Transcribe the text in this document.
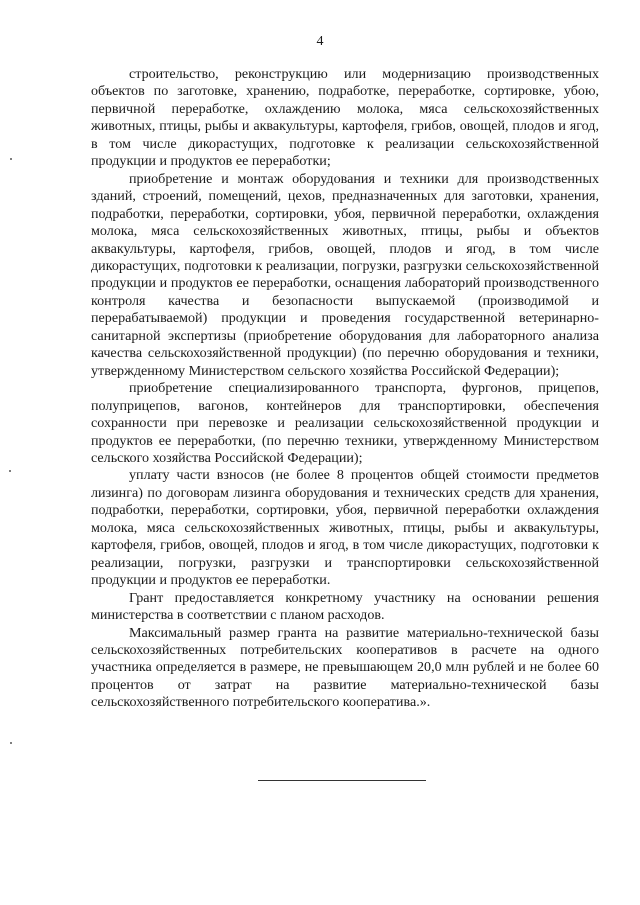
4

строительство, реконструкцию или модернизацию производственных объектов по заготовке, хранению, подработке, переработке, сортировке, убою, первичной переработке, охлаждению молока, мяса сельскохозяйственных животных, птицы, рыбы и аквакультуры, картофеля, грибов, овощей, плодов и ягод, в том числе дикорастущих, подготовке к реализации сельскохозяйственной продукции и продуктов ее переработки;

приобретение и монтаж оборудования и техники для производственных зданий, строений, помещений, цехов, предназначенных для заготовки, хранения, подработки, переработки, сортировки, убоя, первичной переработки, охлаждения молока, мяса сельскохозяйственных животных, птицы, рыбы и объектов аквакультуры, картофеля, грибов, овощей, плодов и ягод, в том числе дикорастущих, подготовки к реализации, погрузки, разгрузки сельскохозяйственной продукции и продуктов ее переработки, оснащения лабораторий производственного контроля качества и безопасности выпускаемой (производимой и перерабатываемой) продукции и проведения государственной ветеринарно-санитарной экспертизы (приобретение оборудования для лабораторного анализа качества сельскохозяйственной продукции) (по перечню оборудования и техники, утвержденному Министерством сельского хозяйства Российской Федерации);

приобретение специализированного транспорта, фургонов, прицепов, полуприцепов, вагонов, контейнеров для транспортировки, обеспечения сохранности при перевозке и реализации сельскохозяйственной продукции и продуктов ее переработки, (по перечню техники, утвержденному Министерством сельского хозяйства Российской Федерации);

уплату части взносов (не более 8 процентов общей стоимости предметов лизинга) по договорам лизинга оборудования и технических средств для хранения, подработки, переработки, сортировки, убоя, первичной переработки охлаждения молока, мяса сельскохозяйственных животных, птицы, рыбы и аквакультуры, картофеля, грибов, овощей, плодов и ягод, в том числе дикорастущих, подготовки к реализации, погрузки, разгрузки и транспортировки сельскохозяйственной продукции и продуктов ее переработки.

Грант предоставляется конкретному участнику на основании решения министерства в соответствии с планом расходов.

Максимальный размер гранта на развитие материально-технической базы сельскохозяйственных потребительских кооперативов в расчете на одного участника определяется в размере, не превышающем 20,0 млн рублей и не более 60 процентов от затрат на развитие материально-технической базы сельскохозяйственного потребительского кооператива.».
